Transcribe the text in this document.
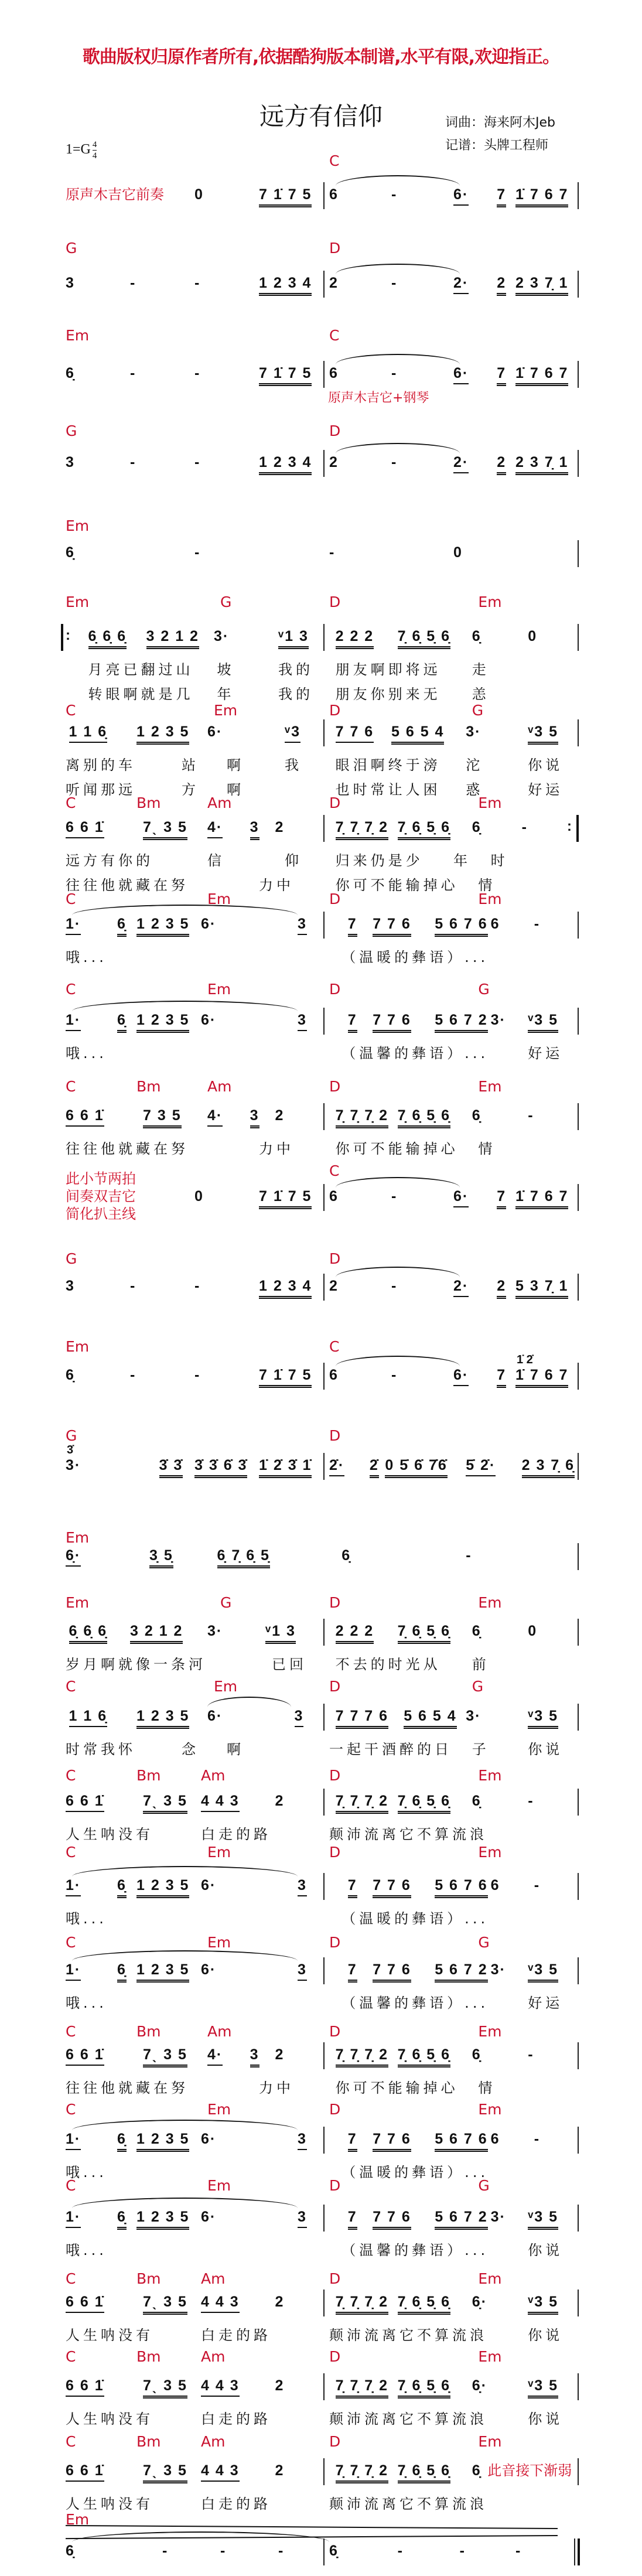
歌曲版权归原作者所有,依据酷狗版本制谱,水平有限,欢迎指正。
远方有信仰	词曲：海来阿木Jeb
记谱：头牌工程师
$1=G \frac{4}{4}$	C
0	7 1̇ 7 5 6	-	6· 7 1̇ 7 6 7
原声木吉它前奏
G	D
3	-	-	1 2 3 4 2	-	2· 2 2 3 7̣ 1
Em	C
6̣	-	-	7 1̇ 7 5 6	-	6· 7 1̇ 7 6 7
原声木吉它+钢琴
G	D
3	-	-	1 2 3 4 2	-	2· 2 2 3 7̣ 1
Em
6̣	-	-	0
Em	G	D	Em
6̣ 6̣ 6̣ 3 2 1 2 3·	ᵛ1 3 2 2 2 7̣ 6̣ 5̣ 6̣ 6̣	0
:
月亮已翻过山 坡	我的 朋友啊即将远 走
转眼啊就是几 年	我的 朋友你别来无 恙
C	Em	D	G
1 1 6̣ 1 2 3 5 6·	ᵛ3 7 7 6 5 6 5 4 3·	ᵛ3 5
离别的车	站 啊	我 眼泪啊终于滂 沱	你说
听闻那远	方 啊	也时常让人困 惑	好运
C	Bm	Am	D	Em
6 6 1̇	7ˎ 3 5 4· 3 2	7̣ 7̣ 7̣ 2 7̣ 6̣ 5̣ 6̣ 6̣	-	:
远方有你的	信	仰 归来仍是少 年 时
往往他就藏在努	力中	你可不能输掉心 情
C	Em	D	Em
1· 6̣ 1 2 3 5 6·	3	7 7 7 6 5 6 7 6 6 -
哦...	（温暖的彝语）...
C	Em	D	G
1· 6̣ 1 2 3 5 6·	3	7 7 7 6 5 6 7 2 3· ᵛ3 5
哦...	（温馨的彝语）...	好运
C	Bm	Am	D	Em
6 6 1̇	7 3 5 4· 3 2	7̣ 7̣ 7̣ 2 7̣ 6̣ 5̣ 6̣ 6̣	-
往往他就藏在努	力中	你可不能输掉心 情
C
0	7 1̇ 7 5 6	-	6· 7 1̇ 7 6 7
此小节两拍
间奏双吉它
简化扒主线
G	D
3	-	-	1 2 3 4 2	-	2· 2 5 3 7̣ 1
Em	C
1̇ 2̇
6̣	-	-	7 1̇ 7 5 6	-	6· 7 1̇ 7 6 7
G	D
3̇
3·	3̇ 3̇ 3̇ 3̇ 6̇ 3̇ 1̇ 2̇ 3̇ 1̇ 2̇· 2̇ 0 5̇ 6̇ 7̇6̇ 5̇ 2̇· 2 3 7̣ 6̣
Em
6̣·	3̣ 5̣	6̣ 7̣ 6̣ 5̣	6̣	-
Em	G	D	Em
6̣ 6̣ 6̣ 3 2 1 2 3·	ᵛ1 3	2 2 2 7̣ 6̣ 5̣ 6̣ 6̣	0
岁月啊就像一条河	已回 不去的时光从 前
C	Em	D	G
1 1 6̣ 1 2 3 5 6·	3 7 7 7 6 5 6 5 4 3·	ᵛ3 5
时常我怀	念 啊	一起干酒醉的日 子	你说
C	Bm	Am	D	Em
6 6 1̇	7ˎ 3 5 4 4 3 2	7̣ 7̣ 7̣ 2 7̣ 6̣ 5̣ 6̣ 6̣	-
人生呐没有	白走的路	颠沛流离它不算流浪
C	Em	D	Em
1· 6̣ 1 2 3 5 6·	3	7 7 7 6 5 6 7 6 6 -
哦...	（温暖的彝语）...
C	Em	D	G
1· 6̣ 1 2 3 5 6·	3	7 7 7 6 5 6 7 2 3· ᵛ3 5
哦...	（温馨的彝语）...	好运
C	Bm	Am	D	Em
6 6 1̇	7ˎ 3 5 4· 3 2	7̣ 7̣ 7̣ 2 7̣ 6̣ 5̣ 6̣ 6̣	-
往往他就藏在努	力中	你可不能输掉心 情
C	Em	D	Em
1· 6̣ 1 2 3 5 6·	3	7 7 7 6 5 6 7 6 6 -
哦...	（温暖的彝语）...
C	Em	D	G
1· 6̣ 1 2 3 5 6·	3	7 7 7 6 5 6 7 2 3· ᵛ3 5
哦...	（温馨的彝语）...	你说
C	Bm	Am	D	Em
6 6 1̇	7ˎ 3 5 4 4 3 2	7̣ 7̣ 7̣ 2 7̣ 6̣ 5̣ 6̣ 6̣·	ᵛ3 5
人生呐没有	白走的路	颠沛流离它不算流浪	你说
C	Bm	Am	D	Em
6 6 1̇	7ˎ 3 5 4 4 3 2	7̣ 7̣ 7̣ 2 7̣ 6̣ 5̣ 6̣ 6̣·	ᵛ3 5
人生呐没有	白走的路	颠沛流离它不算流浪	你说
C	Bm	Am	D	Em
6 6 1̇	7ˎ 3 5 4 4 3 2	7̣ 7̣ 7̣ 2 7̣ 6̣ 5̣ 6̣ 6̣ 此音接下渐弱
人生呐没有	白走的路	颠沛流离它不算流浪
Em
6̣	-	-	-	6̣	-	-	-
